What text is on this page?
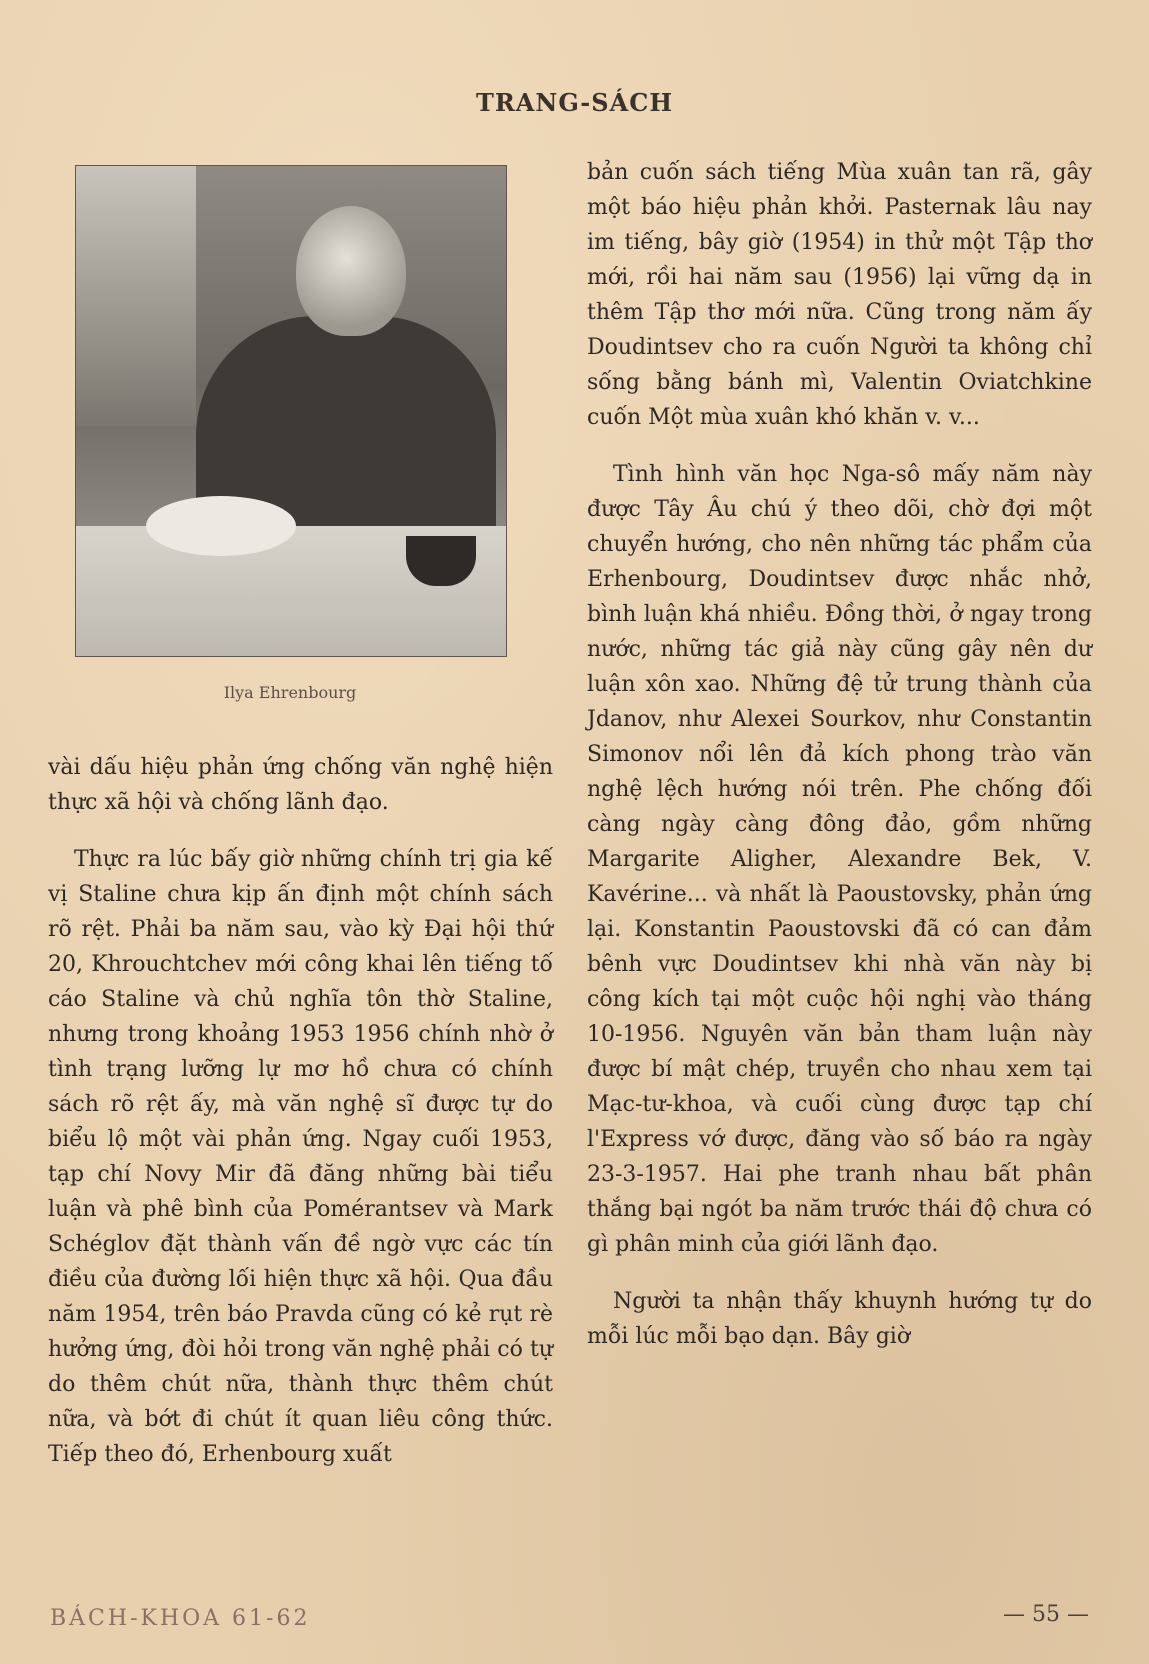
TRANG-SÁCH
Ilya Ehrenbourg

vài dấu hiệu phản ứng chống văn nghệ hiện thực xã hội và chống lãnh đạo.

Thực ra lúc bấy giờ những chính trị gia kế vị Staline chưa kịp ấn định một chính sách rõ rệt. Phải ba năm sau, vào kỳ Đại hội thứ 20, Khrouchtchev mới công khai lên tiếng tố cáo Staline và chủ nghĩa tôn thờ Staline, nhưng trong khoảng 1953 1956 chính nhờ ở tình trạng lưỡng lự mơ hồ chưa có chính sách rõ rệt ấy, mà văn nghệ sĩ được tự do biểu lộ một vài phản ứng. Ngay cuối 1953, tạp chí Novy Mir đã đăng những bài tiểu luận và phê bình của Pomérantsev và Mark Schéglov đặt thành vấn đề ngờ vực các tín điều của đường lối hiện thực xã hội. Qua đầu năm 1954, trên báo Pravda cũng có kẻ rụt rè hưởng ứng, đòi hỏi trong văn nghệ phải có tự do thêm chút nữa, thành thực thêm chút nữa, và bớt đi chút ít quan liêu công thức. Tiếp theo đó, Erhenbourg xuất

bản cuốn sách tiếng Mùa xuân tan rã, gây một báo hiệu phản khởi. Pasternak lâu nay im tiếng, bây giờ (1954) in thử một Tập thơ mới, rồi hai năm sau (1956) lại vững dạ in thêm Tập thơ mới nữa. Cũng trong năm ấy Doudintsev cho ra cuốn Người ta không chỉ sống bằng bánh mì, Valentin Oviatchkine cuốn Một mùa xuân khó khăn v. v...

Tình hình văn học Nga-sô mấy năm này được Tây Âu chú ý theo dõi, chờ đợi một chuyển hướng, cho nên những tác phẩm của Erhenbourg, Doudintsev được nhắc nhở, bình luận khá nhiều. Đồng thời, ở ngay trong nước, những tác giả này cũng gây nên dư luận xôn xao. Những đệ tử trung thành của Jdanov, như Alexei Sourkov, như Constantin Simonov nổi lên đả kích phong trào văn nghệ lệch hướng nói trên. Phe chống đối càng ngày càng đông đảo, gồm những Margarite Aligher, Alexandre Bek, V. Kavérine... và nhất là Paoustovsky, phản ứng lại. Konstantin Paoustovski đã có can đảm bênh vực Doudintsev khi nhà văn này bị công kích tại một cuộc hội nghị vào tháng 10-1956. Nguyên văn bản tham luận này được bí mật chép, truyền cho nhau xem tại Mạc-tư-khoa, và cuối cùng được tạp chí l'Express vớ được, đăng vào số báo ra ngày 23-3-1957. Hai phe tranh nhau bất phân thắng bại ngót ba năm trước thái độ chưa có gì phân minh của giới lãnh đạo.

Người ta nhận thấy khuynh hướng tự do mỗi lúc mỗi bạo dạn. Bây giờ

BÁCH-KHOA 61-62	— 55 —
